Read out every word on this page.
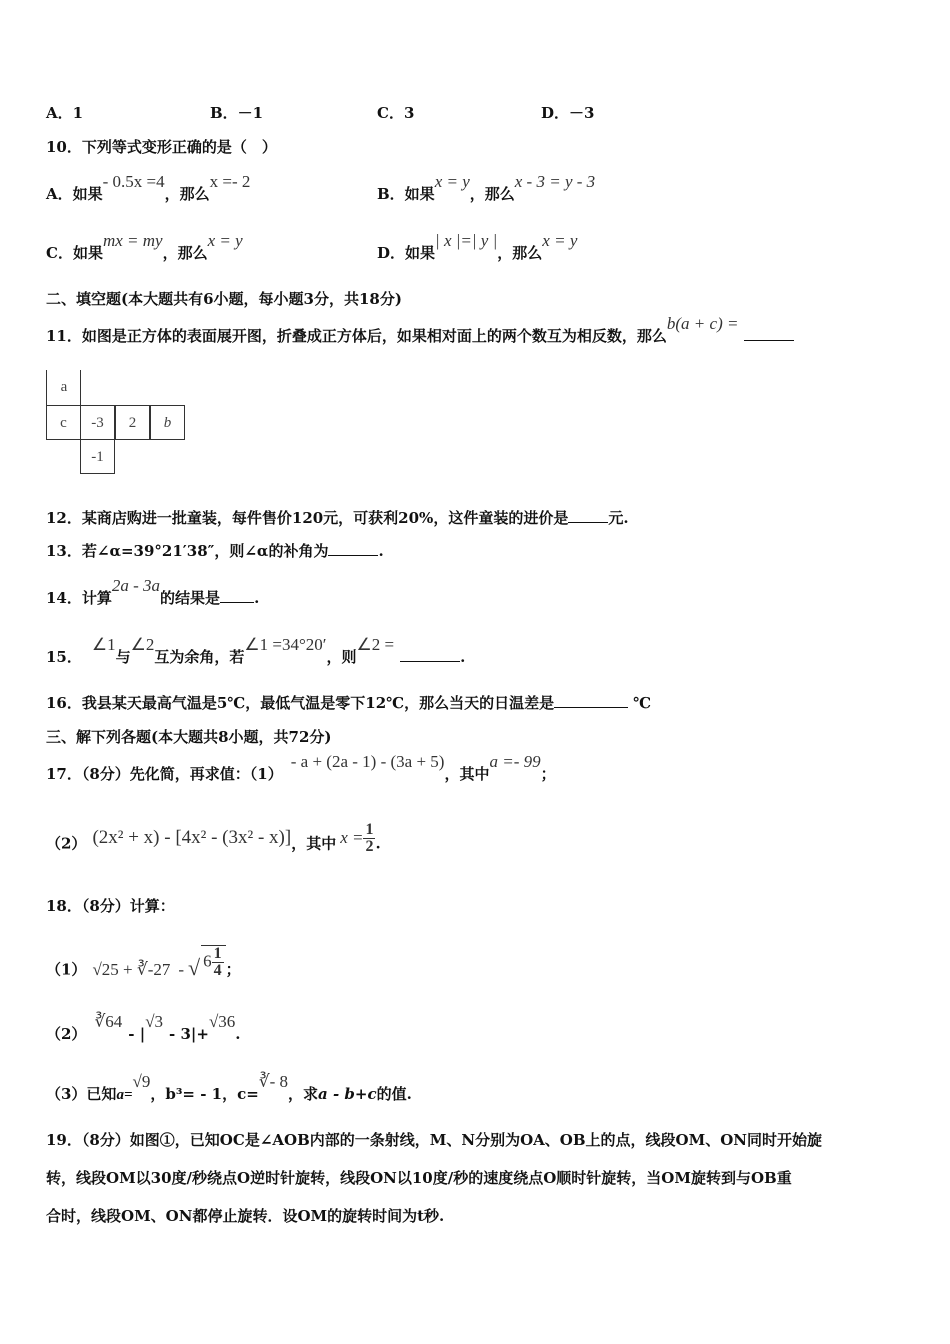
A．1	B．－1	C．3	D．－3
10．下列等式变形正确的是（　）
A．如果- 0.5x =4，那么x =- 2
B．如果x = y，那么x - 3 = y - 3
C．如果mx = my，那么x = y
D．如果| x |=| y |，那么x = y
二、填空题(本大题共有6小题，每小题3分，共18分)
11．如图是正方体的表面展开图，折叠成正方体后，如果相对面上的两个数互为相反数，那么b(a + c) =
a
c	-3	2	b
-1
12．某商店购进一批童装，每件售价120元，可获利20%，这件童装的进价是	元.
13．若∠α=39°21′38″，则∠α的补角为	.
14．计算2a - 3a的结果是 .
15．∠1与∠2互为余角，若∠1 =34°20′，则∠2 =.
16．我县某天最高气温是5℃，最低气温是零下12℃，那么当天的日温差是	℃
三、解下列各题(本大题共8小题，共72分)
17．（8分）先化简，再求值：（1）- a + (2a - 1) - (3a + 5)，其中a =- 99；
（2） (2x² + x) - [4x² - (3x² - x)]，其中 $x = \frac{1}{2}$ .
18．（8分）计算：
（1） √25 + ∛-27 - √ $6 \frac{1}{4}$ ；
（2）∛64- |√3- 3|+√36.
（3）已知a=√9，b³= - 1，c=∛- 8，求a - b+c的值.
19．（8分）如图①，已知OC是∠AOB内部的一条射线，M、N分别为OA、OB上的点，线段OM、ON同时开始旋
转，线段OM以30度/秒绕点O逆时针旋转，线段ON以10度/秒的速度绕点O顺时针旋转，当OM旋转到与OB重
合时，线段OM、ON都停止旋转．设OM的旋转时间为t秒.
